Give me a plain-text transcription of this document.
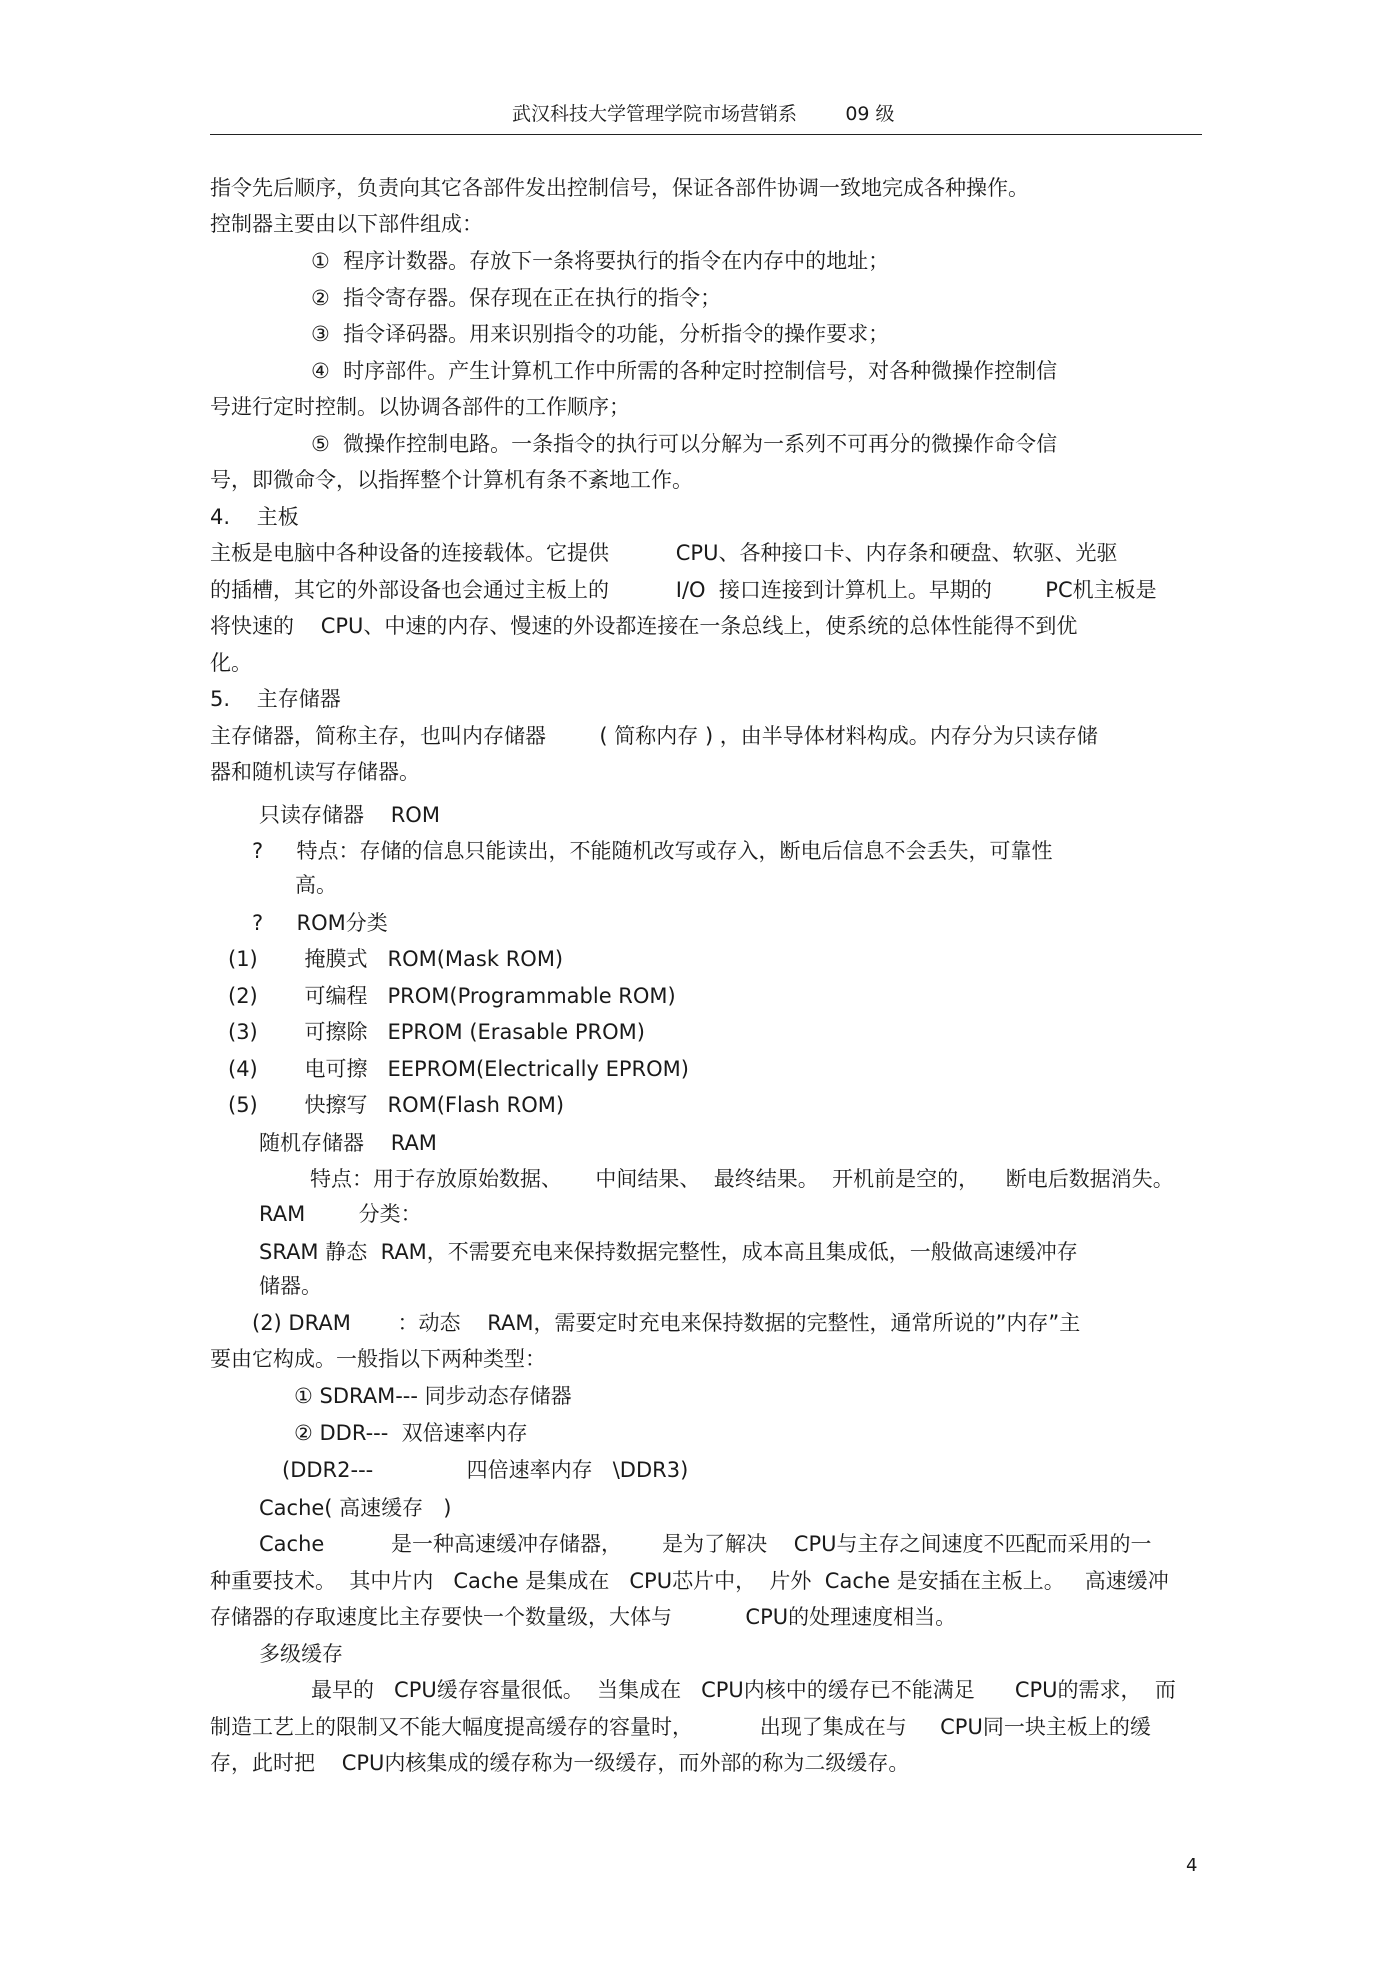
武汉科技大学管理学院市场营销系        09 级

指令先后顺序，负责向其它各部件发出控制信号，保证各部件协调一致地完成各种操作。

控制器主要由以下部件组成：

①  程序计数器。存放下一条将要执行的指令在内存中的地址；

②  指令寄存器。保存现在正在执行的指令；

③  指令译码器。用来识别指令的功能，分析指令的操作要求；

④  时序部件。产生计算机工作中所需的各种定时控制信号，对各种微操作控制信

号进行定时控制。以协调各部件的工作顺序；

⑤  微操作控制电路。一条指令的执行可以分解为一系列不可再分的微操作命令信

号，即微命令，以指挥整个计算机有条不紊地工作。

4.    主板

主板是电脑中各种设备的连接载体。它提供          CPU、各种接口卡、内存条和硬盘、软驱、光驱

的插槽，其它的外部设备也会通过主板上的          I/O  接口连接到计算机上。早期的        PC机主板是

将快速的    CPU、中速的内存、慢速的外设都连接在一条总线上，使系统的总体性能得不到优

化。

5.    主存储器

主存储器，简称主存，也叫内存储器        ( 简称内存 ) ，由半导体材料构成。内存分为只读存储

器和随机读写存储器。

只读存储器    ROM

?     特点：存储的信息只能读出，不能随机改写或存入，断电后信息不会丢失，可靠性

高。

?     ROM分类

(1)       掩膜式   ROM(Mask ROM)

(2)       可编程   PROM(Programmable ROM)

(3)       可擦除   EPROM (Erasable PROM)

(4)       电可擦   EEPROM(Electrically EPROM)

(5)       快擦写   ROM(Flash ROM)

随机存储器    RAM

特点：用于存放原始数据、     中间结果、  最终结果。  开机前是空的，    断电后数据消失。

RAM        分类：

SRAM 静态  RAM，不需要充电来保持数据完整性，成本高且集成低，一般做高速缓冲存

储器。

(2) DRAM       ：动态    RAM，需要定时充电来保持数据的完整性，通常所说的”内存”主

要由它构成。一般指以下两种类型：

① SDRAM--- 同步动态存储器

② DDR---  双倍速率内存

(DDR2---              四倍速率内存   \DDR3)

Cache( 高速缓存   )

Cache          是一种高速缓冲存储器，      是为了解决    CPU与主存之间速度不匹配而采用的一

种重要技术。  其中片内   Cache 是集成在   CPU芯片中，  片外  Cache 是安插在主板上。   高速缓冲

存储器的存取速度比主存要快一个数量级，大体与           CPU的处理速度相当。

多级缓存

最早的   CPU缓存容量很低。  当集成在   CPU内核中的缓存已不能满足      CPU的需求，  而

制造工艺上的限制又不能大幅度提高缓存的容量时，          出现了集成在与     CPU同一块主板上的缓

存，此时把    CPU内核集成的缓存称为一级缓存，而外部的称为二级缓存。

4
